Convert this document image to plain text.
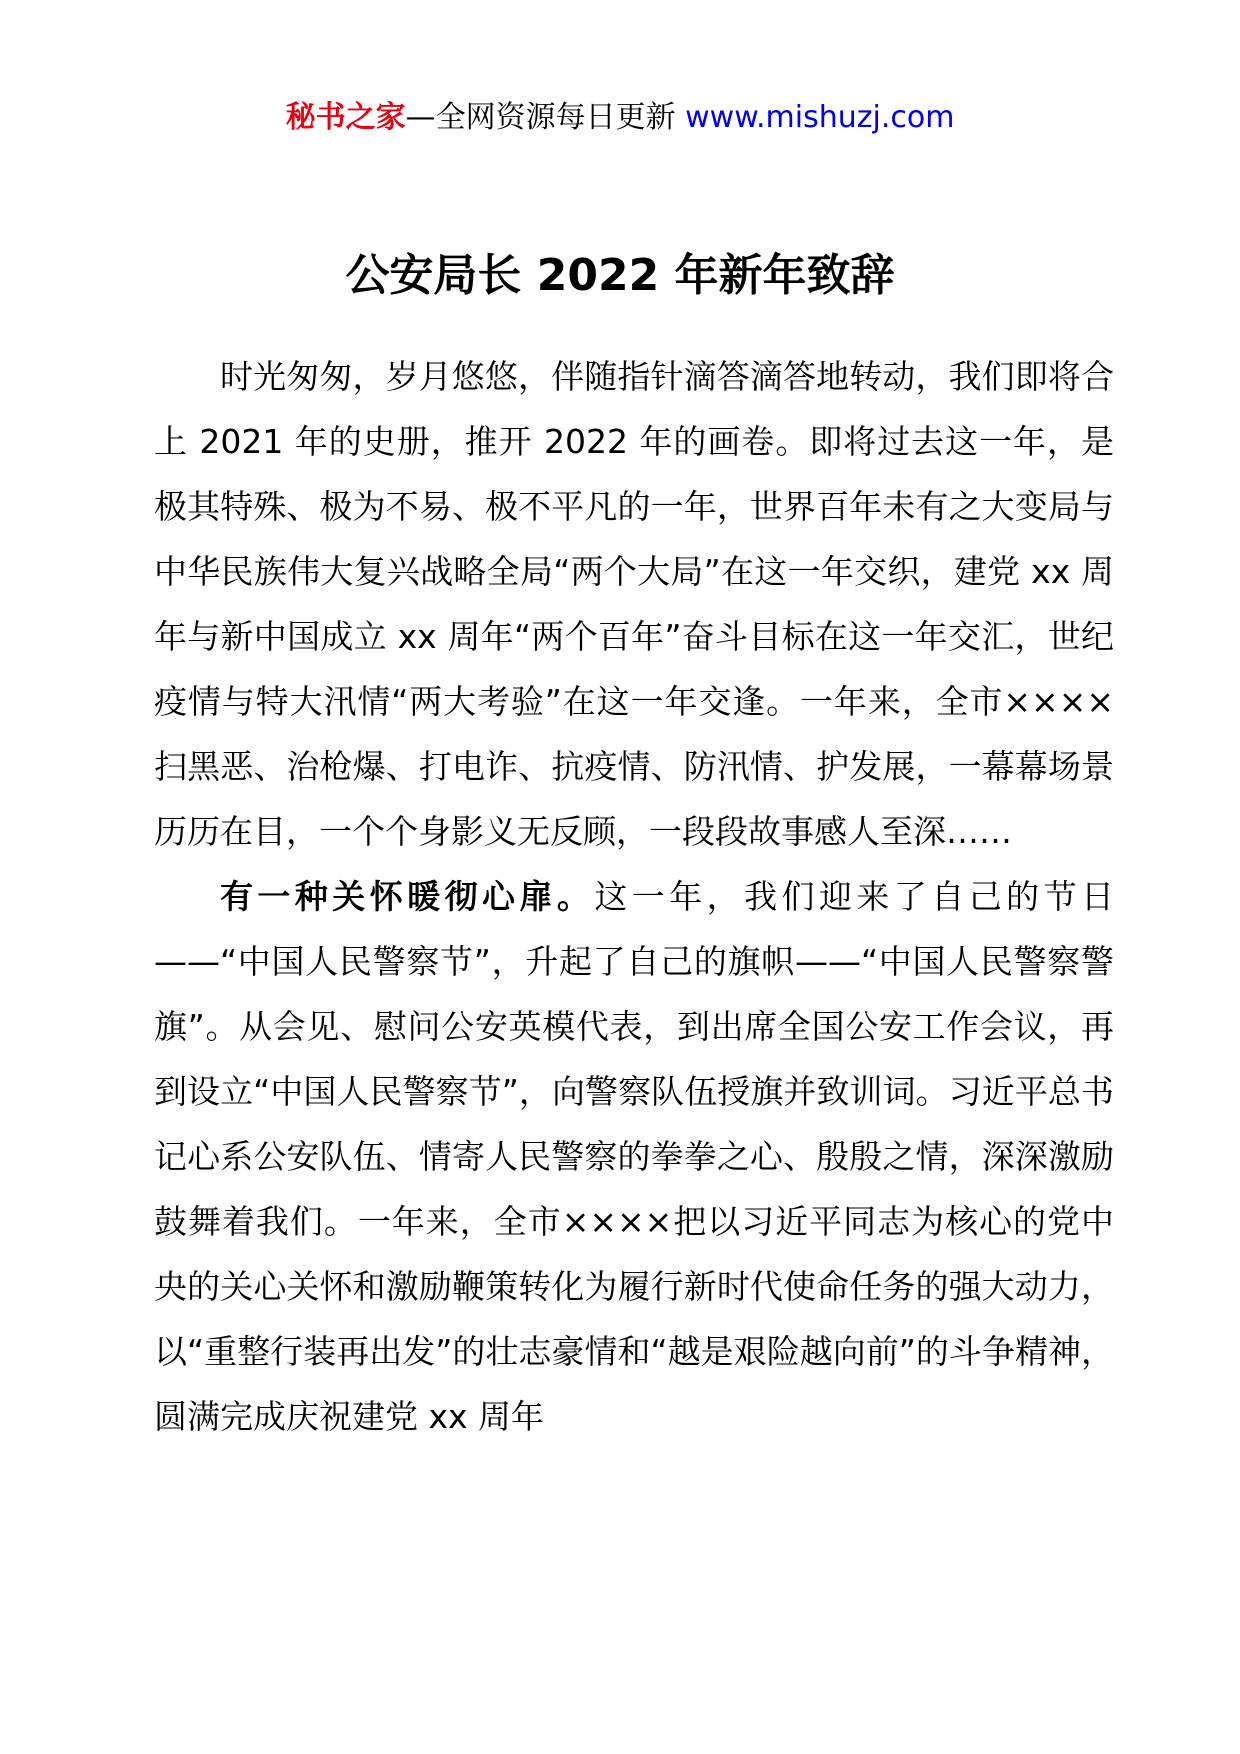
秘书之家—全网资源每日更新 www.mishuzj.com
公安局长 2022 年新年致辞

时光匆匆，岁月悠悠，伴随指针滴答滴答地转动，我们即将合上 2021 年的史册，推开 2022 年的画卷。即将过去这一年，是极其特殊、极为不易、极不平凡的一年，世界百年未有之大变局与中华民族伟大复兴战略全局“两个大局”在这一年交织，建党 xx 周年与新中国成立 xx 周年“两个百年”奋斗目标在这一年交汇，世纪疫情与特大汛情“两大考验”在这一年交逢。一年来，全市××××扫黑恶、治枪爆、打电诈、抗疫情、防汛情、护发展，一幕幕场景历历在目，一个个身影义无反顾，一段段故事感人至深……

有一种关怀暖彻心扉。这一年，我们迎来了自己的节日——“中国人民警察节”，升起了自己的旗帜——“中国人民警察警旗”。从会见、慰问公安英模代表，到出席全国公安工作会议，再到设立“中国人民警察节”，向警察队伍授旗并致训词。习近平总书记心系公安队伍、情寄人民警察的拳拳之心、殷殷之情，深深激励鼓舞着我们。一年来，全市××××把以习近平同志为核心的党中央的关心关怀和激励鞭策转化为履行新时代使命任务的强大动力，以“重整行装再出发”的壮志豪情和“越是艰险越向前”的斗争精神，圆满完成庆祝建党 xx 周年
